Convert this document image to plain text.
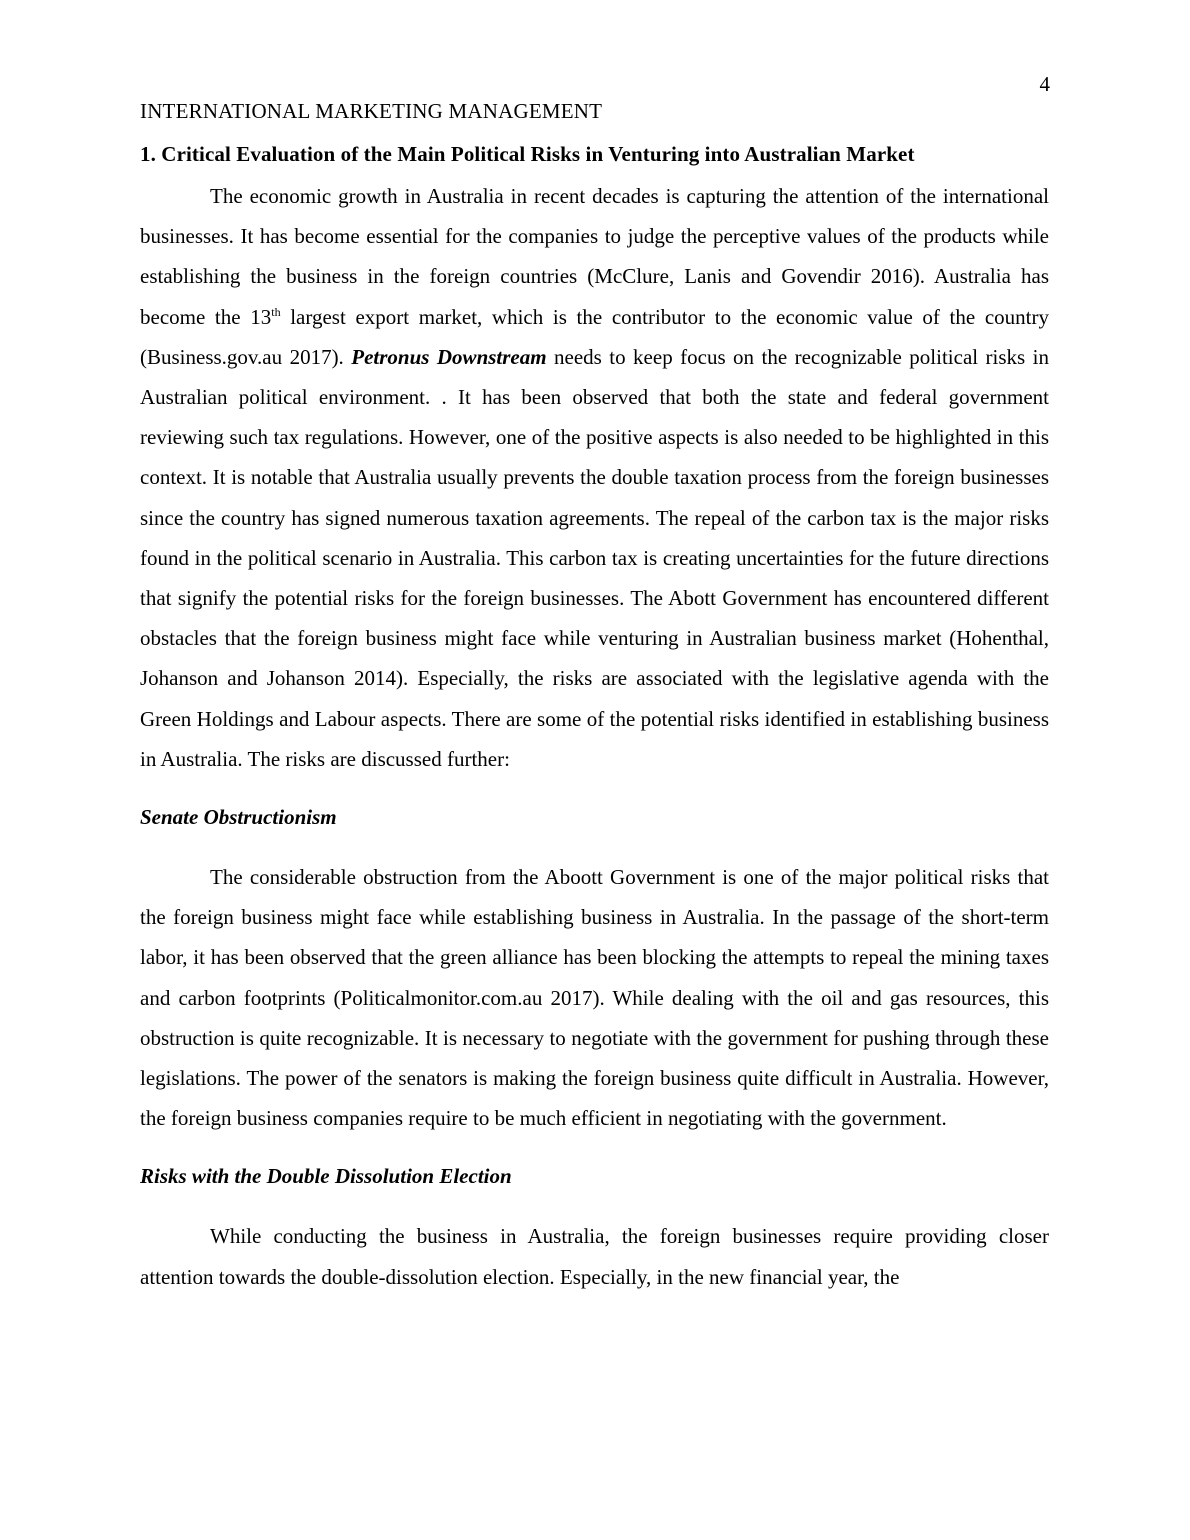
4
INTERNATIONAL MARKETING MANAGEMENT
1. Critical Evaluation of the Main Political Risks in Venturing into Australian Market

The economic growth in Australia in recent decades is capturing the attention of the international businesses. It has become essential for the companies to judge the perceptive values of the products while establishing the business in the foreign countries (McClure, Lanis and Govendir 2016). Australia has become the 13th largest export market, which is the contributor to the economic value of the country (Business.gov.au 2017). Petronus Downstream needs to keep focus on the recognizable political risks in Australian political environment. . It has been observed that both the state and federal government reviewing such tax regulations. However, one of the positive aspects is also needed to be highlighted in this context. It is notable that Australia usually prevents the double taxation process from the foreign businesses since the country has signed numerous taxation agreements. The repeal of the carbon tax is the major risks found in the political scenario in Australia. This carbon tax is creating uncertainties for the future directions that signify the potential risks for the foreign businesses. The Abott Government has encountered different obstacles that the foreign business might face while venturing in Australian business market (Hohenthal, Johanson and Johanson 2014). Especially, the risks are associated with the legislative agenda with the Green Holdings and Labour aspects. There are some of the potential risks identified in establishing business in Australia. The risks are discussed further:

Senate Obstructionism

The considerable obstruction from the Aboott Government is one of the major political risks that the foreign business might face while establishing business in Australia. In the passage of the short-term labor, it has been observed that the green alliance has been blocking the attempts to repeal the mining taxes and carbon footprints (Politicalmonitor.com.au 2017). While dealing with the oil and gas resources, this obstruction is quite recognizable. It is necessary to negotiate with the government for pushing through these legislations. The power of the senators is making the foreign business quite difficult in Australia. However, the foreign business companies require to be much efficient in negotiating with the government.

Risks with the Double Dissolution Election

While conducting the business in Australia, the foreign businesses require providing closer attention towards the double-dissolution election. Especially, in the new financial year, the
